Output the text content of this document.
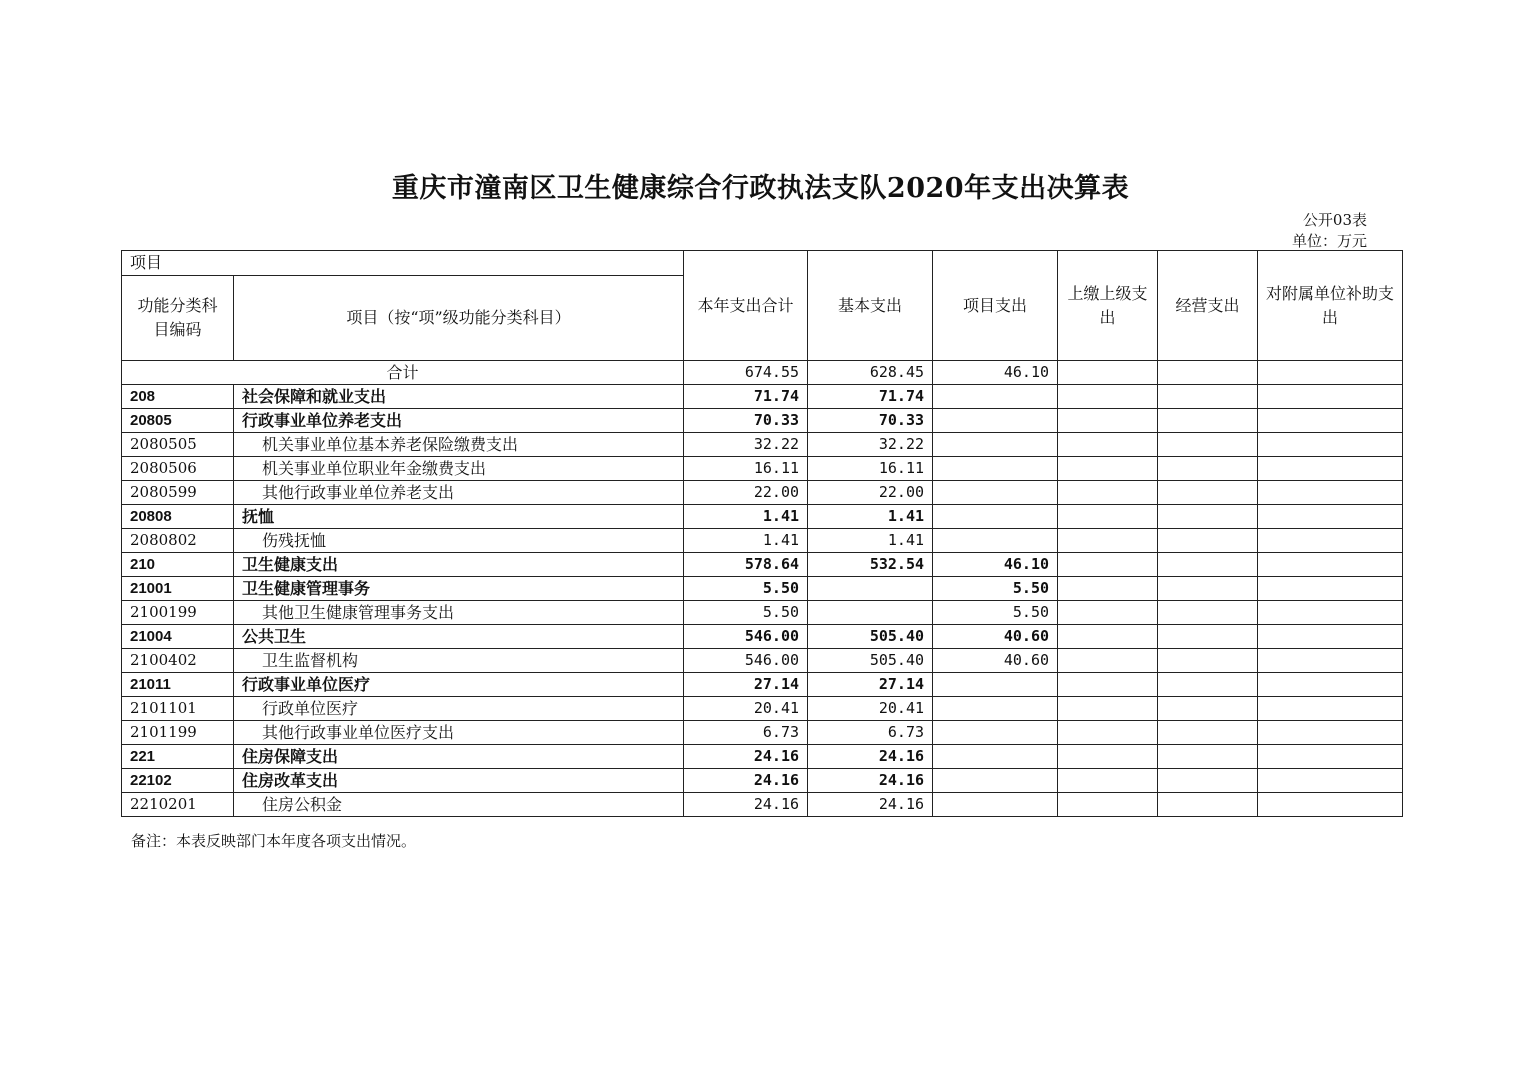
重庆市潼南区卫生健康综合行政执法支队2020年支出决算表
公开03表
单位：万元
项目		本年支出合计	基本支出	项目支出	上缴上级支出	经营支出	对附属单位补助支出
功能分类科目编码	项目（按“项”级功能分类科目）						
合计		674.55	628.45	46.10			
208	社会保障和就业支出	71.74	71.74				
20805	行政事业单位养老支出	70.33	70.33				
2080505	机关事业单位基本养老保险缴费支出	32.22	32.22				
2080506	机关事业单位职业年金缴费支出	16.11	16.11				
2080599	其他行政事业单位养老支出	22.00	22.00				
20808	抚恤	1.41	1.41				
2080802	伤残抚恤	1.41	1.41				
210	卫生健康支出	578.64	532.54	46.10			
21001	卫生健康管理事务	5.50		5.50			
2100199	其他卫生健康管理事务支出	5.50		5.50			
21004	公共卫生	546.00	505.40	40.60			
2100402	卫生监督机构	546.00	505.40	40.60			
21011	行政事业单位医疗	27.14	27.14				
2101101	行政单位医疗	20.41	20.41				
2101199	其他行政事业单位医疗支出	6.73	6.73				
221	住房保障支出	24.16	24.16				
22102	住房改革支出	24.16	24.16				
2210201	住房公积金	24.16	24.16				
备注：本表反映部门本年度各项支出情况。
